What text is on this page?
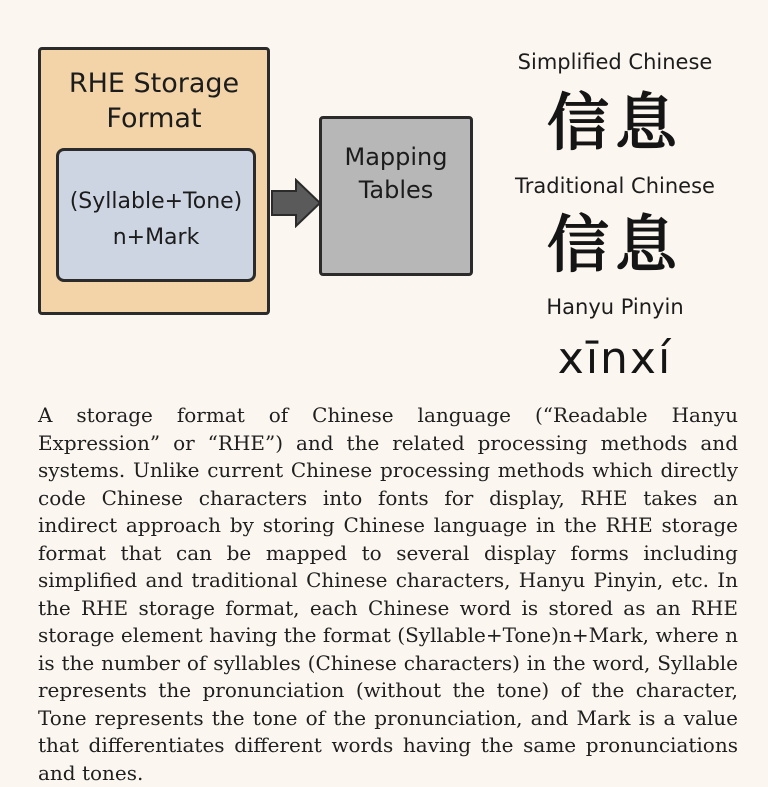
RHE Storage
Format
(Syllable+Tone)
n+Mark
Mapping
Tables
Simplified Chinese
信息
Traditional Chinese
信息
Hanyu Pinyin
xīnxí

A storage format of Chinese language (“Readable Hanyu Expression” or “RHE”) and the related processing methods and systems. Unlike current Chinese processing methods which directly code Chinese characters into fonts for display, RHE takes an indirect approach by storing Chinese language in the RHE storage format that can be mapped to several display forms including simplified and traditional Chinese characters, Hanyu Pinyin, etc. In the RHE storage format, each Chinese word is stored as an RHE storage element having the format (Syllable+Tone)n+Mark, where n is the number of syllables (Chinese characters) in the word, Syllable represents the pronunciation (without the tone) of the character, Tone represents the tone of the pronunciation, and Mark is a value that differentiates different words having the same pronunciations and tones.
